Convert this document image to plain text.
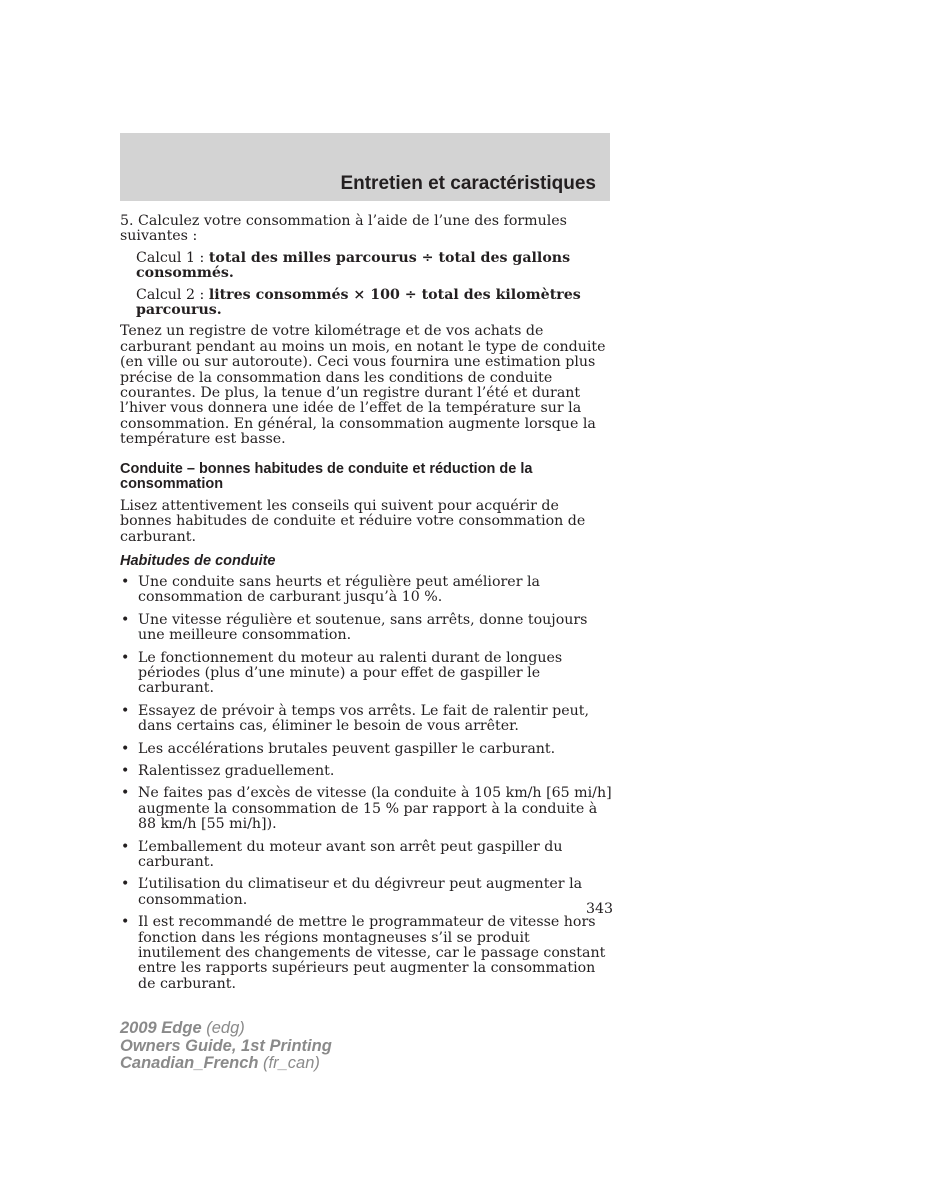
Entretien et caractéristiques

5. Calculez votre consommation à l’aide de l’une des formules suivantes :

Calcul 1 : total des milles parcourus ÷ total des gallons consommés.

Calcul 2 : litres consommés × 100 ÷ total des kilomètres parcourus.

Tenez un registre de votre kilométrage et de vos achats de carburant pendant au moins un mois, en notant le type de conduite (en ville ou sur autoroute). Ceci vous fournira une estimation plus précise de la consommation dans les conditions de conduite courantes. De plus, la tenue d’un registre durant l’été et durant l’hiver vous donnera une idée de l’effet de la température sur la consommation. En général, la consommation augmente lorsque la température est basse.

Conduite – bonnes habitudes de conduite et réduction de la consommation

Lisez attentivement les conseils qui suivent pour acquérir de bonnes habitudes de conduite et réduire votre consommation de carburant.

Habitudes de conduite
• Une conduite sans heurts et régulière peut améliorer la consommation de carburant jusqu’à 10 %.
• Une vitesse régulière et soutenue, sans arrêts, donne toujours une meilleure consommation.
• Le fonctionnement du moteur au ralenti durant de longues périodes (plus d’une minute) a pour effet de gaspiller le carburant.
• Essayez de prévoir à temps vos arrêts. Le fait de ralentir peut, dans certains cas, éliminer le besoin de vous arrêter.
• Les accélérations brutales peuvent gaspiller le carburant.
• Ralentissez graduellement.
• Ne faites pas d’excès de vitesse (la conduite à 105 km/h [65 mi/h] augmente la consommation de 15 % par rapport à la conduite à 88 km/h [55 mi/h]).
• L’emballement du moteur avant son arrêt peut gaspiller du carburant.
• L’utilisation du climatiseur et du dégivreur peut augmenter la consommation.
• Il est recommandé de mettre le programmateur de vitesse hors fonction dans les régions montagneuses s’il se produit inutilement des changements de vitesse, car le passage constant entre les rapports supérieurs peut augmenter la consommation de carburant.
343
2009 Edge (edg)
Owners Guide, 1st Printing
Canadian_French (fr_can)
